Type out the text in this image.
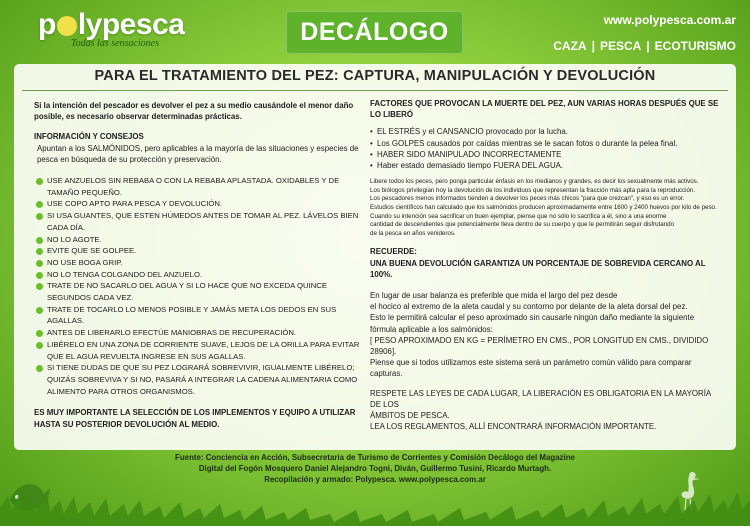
p lypesca
Todas las sensaciones	DECÁLOGO	www.polypesca.com.ar
CAZA | PESCA | ECOTURISMO
PARA EL TRATAMIENTO DEL PEZ: CAPTURA, MANIPULACIÓN Y DEVOLUCIÓN
Si la intención del pescador es devolver el pez a su medio causándole el menor daño posible, es necesario observar determinadas prácticas.
INFORMACIÓN Y CONSEJOS
Apuntan a los SALMÓNIDOS, pero aplicables a la mayoría de las situaciones y especies de pesca en búsqueda de su protección y preservación.
USE ANZUELOS SIN REBABA O CON LA REBABA APLASTADA. OXIDABLES Y DE TAMAÑO PEQUEÑO.
USE COPO APTO PARA PESCA Y DEVOLUCIÓN.
SI USA GUANTES, QUE ESTEN HÚMEDOS ANTES DE TOMAR AL PEZ. LÁVELOS BIEN CADA DÍA.
NO LO AGOTE.
EVITE QUE SE GOLPEE.
NO USE BOGA GRIP.
NO LO TENGA COLGANDO DEL ANZUELO.
TRATE DE NO SACARLO DEL AGUA Y SI LO HACE QUE NO EXCEDA QUINCE SEGUNDOS CADA VEZ.
TRATE DE TOCARLO LO MENOS POSIBLE Y JAMÁS META LOS DEDOS EN SUS AGALLAS.
ANTES DE LIBERARLO EFECTÚE MANIOBRAS DE RECUPERACIÓN.
LIBÉRELO EN UNA ZONA DE CORRIENTE SUAVE, LEJOS DE LA ORILLA PARA EVITAR QUE EL AGUA REVUELTA INGRESE EN SUS AGALLAS.
SI TIENE DUDAS DE QUE SU PEZ LOGRARÁ SOBREVIVIR, IGUALMENTE LIBÉRELO; QUIZÁS SOBREVIVA Y SI NO, PASARÁ A INTEGRAR LA CADENA ALIMENTARIA COMO ALIMENTO PARA OTROS ORGANISMOS.
ES MUY IMPORTANTE LA SELECCIÓN DE LOS IMPLEMENTOS Y EQUIPO A UTILIZAR HASTA SU POSTERIOR DEVOLUCIÓN AL MEDIO.
FACTORES QUE PROVOCAN LA MUERTE DEL PEZ, AUN VARIAS HORAS DESPUÉS QUE SE LO LIBERÓ
• EL ESTRÉS y el CANSANCIO provocado por la lucha.
• Los GOLPES causados por caídas mientras se le sacan fotos o durante la pelea final.
• HABER SIDO MANIPULADO INCORRECTAMENTE
• Haber estado demasiado tiempo FUERA DEL AGUA.
Libere todos los peces, pero ponga particular énfasis en los medianos y grandes, es decir los sexualmente más activos.
Los biólogos privilegian hoy la devolución de los individuos que representan la fracción más apta para la reproducción.
Los pescadores menos informados tienden a devolver los peces más chicos "para que crezcan", y eso es un error.
Estudios científicos han calculado que los salmónidos producen aproximadamente entre 1600 y 2400 huevos por kilo de peso.
Cuando su intención sea sacrificar un buen ejemplar, piense que no sólo lo sacrifica a él, sino a una enorme
cantidad de descendientes que potencialmente lleva dentro de su cuerpo y que le permitirán seguir disfrutando
de la pesca en años venideros.
RECUERDE:
UNA BUENA DEVOLUCIÓN GARANTIZA UN PORCENTAJE DE SOBREVIDA CERCANO AL 100%.
En lugar de usar balanza es preferible que mida el largo del pez desde
el hocico al extremo de la aleta caudal y su contorno por delante de la aleta dorsal del pez.
Esto le permitirá calcular el peso aproximado sin causarle ningún daño mediante la siguiente
fórmula aplicable a los salmónidos:
[ PESO APROXIMADO EN KG = PERÍMETRO EN CMS., POR LONGITUD EN CMS., DIVIDIDO 28906].
Piense que si todos utilizamos este sistema será un parámetro común válido para comparar capturas.
RESPETE LAS LEYES DE CADA LUGAR, LA LIBERACIÓN ES OBLIGATORIA EN LA MAYORÍA DE LOS
ÁMBITOS DE PESCA.
LEA LOS REGLAMENTOS, ALLÍ ENCONTRARÁ INFORMACIÓN IMPORTANTE.
Fuente: Conciencia en Acción, Subsecretaria de Turismo de Corrientes y Comisión Decálogo del Magazine
Digital del Fogón Mosquero Daniel Alejandro Togni, Diván, Guillermo Tusini, Ricardo Murtagh.
Recopilación y armado: Polypesca. www.polypesca.com.ar
